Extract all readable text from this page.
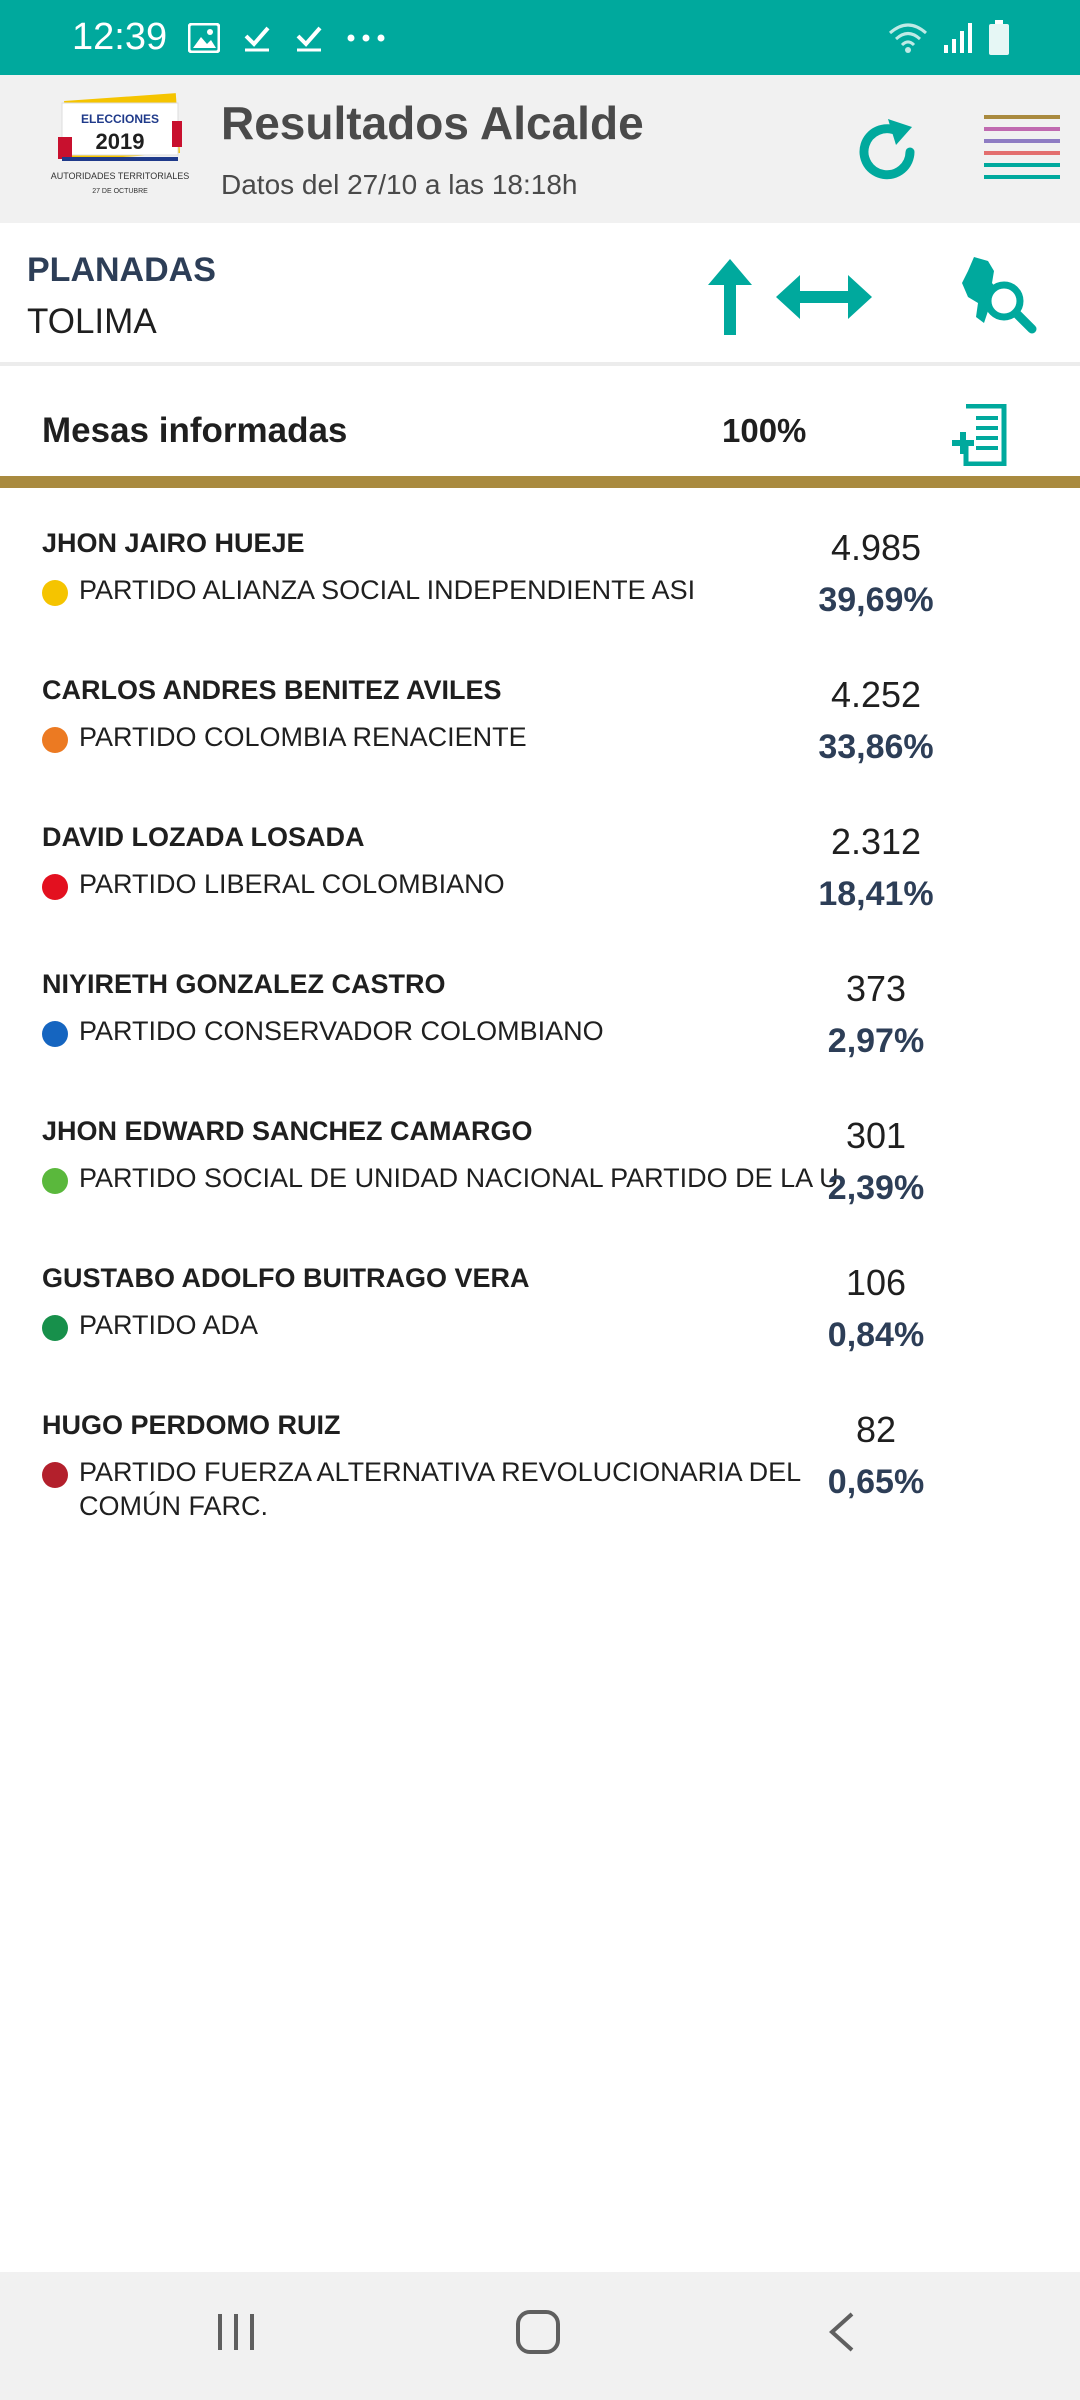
12:39
ELECCIONES
2019
AUTORIDADES TERRITORIALES
27 DE OCTUBRE
Resultados Alcalde
Datos del 27/10 a las 18:18h
PLANADAS
TOLIMA
Mesas informadas	100%
JHON JAIRO HUEJE
PARTIDO ALIANZA SOCIAL INDEPENDIENTE ASI
4.985
39,69%
CARLOS ANDRES BENITEZ AVILES
PARTIDO COLOMBIA RENACIENTE
4.252
33,86%
DAVID LOZADA LOSADA
PARTIDO LIBERAL COLOMBIANO
2.312
18,41%
NIYIRETH GONZALEZ CASTRO
PARTIDO CONSERVADOR COLOMBIANO
373
2,97%
JHON EDWARD SANCHEZ CAMARGO
PARTIDO SOCIAL DE UNIDAD NACIONAL PARTIDO DE LA U
301
2,39%
GUSTABO ADOLFO BUITRAGO VERA
PARTIDO ADA
106
0,84%
HUGO PERDOMO RUIZ
PARTIDO FUERZA ALTERNATIVA REVOLUCIONARIA DEL COMÚN FARC.
82
0,65%
